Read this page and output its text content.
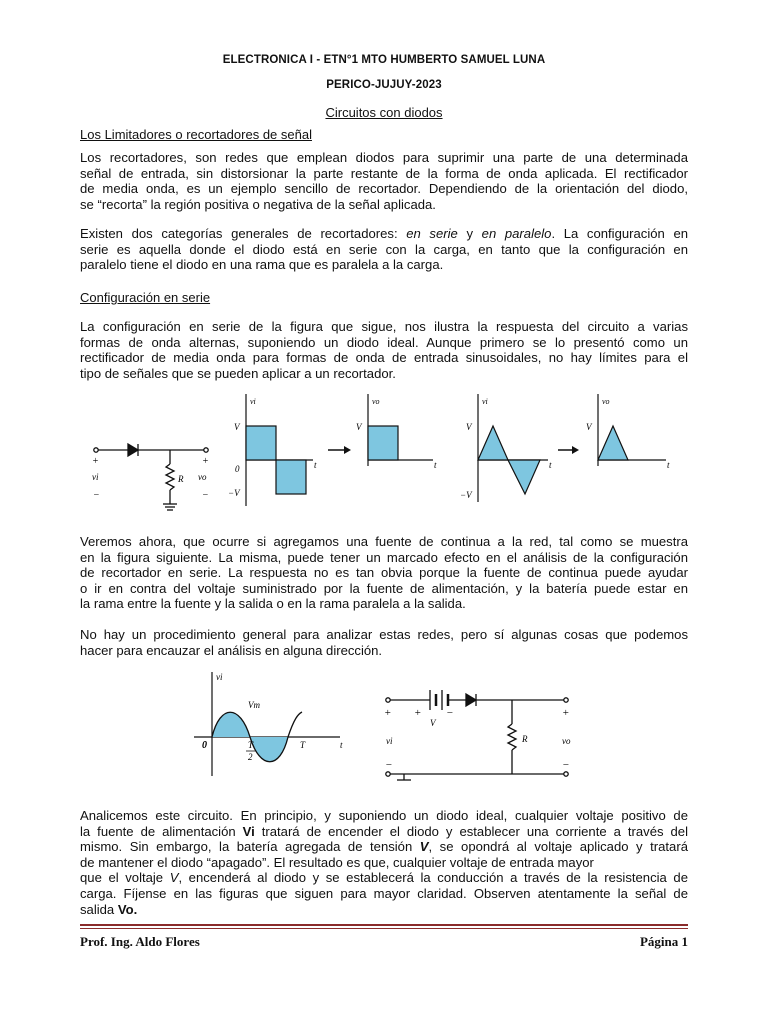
ELECTRONICA I - ETN°1 MTO HUMBERTO SAMUEL LUNA
PERICO-JUJUY-2023
Circuitos con diodos
Los Limitadores o recortadores de señal

Los recortadores, son redes que emplean diodos para suprimir una parte de una determinada
señal de entrada, sin distorsionar la parte restante de la forma de onda aplicada. El rectificador
de media onda, es un ejemplo sencillo de recortador. Dependiendo de la orientación del diodo,
se “recorta” la región positiva o negativa de la señal aplicada.

Existen dos categorías generales de recortadores: en serie y en paralelo. La configuración en
serie es aquella donde el diodo está en serie con la carga, en tanto que la configuración en
paralelo tiene el diodo en una rama que es paralela a la carga.

Configuración en serie

La configuración en serie de la figura que sigue, nos ilustra la respuesta del circuito a varias
formas de onda alternas, suponiendo un diodo ideal. Aunque primero se lo presentó como un
rectificador de media onda para formas de onda de entrada sinusoidales, no hay límites para el
tipo de señales que se pueden aplicar a un recortador.

+
vi
−
+
vo
−
R
vi
V
0
−V
t
vo
V
t
vi
V
−V
t
vo
V
t

Veremos ahora, que ocurre si agregamos una fuente de continua a la red, tal como se muestra
en la figura siguiente. La misma, puede tener un marcado efecto en el análisis de la configuración
de recortador en serie. La respuesta no es tan obvia porque la fuente de continua puede ayudar
o ir en contra del voltaje suministrado por la fuente de alimentación, y la batería puede estar en
la rama entre la fuente y la salida o en la rama paralela a la salida.

No hay un procedimiento general para analizar estas redes, pero sí algunas cosas que podemos
hacer para encauzar el análisis en alguna dirección.

vi
Vm
0	T
2
T	t
+ +
V
−	+
vi	R	vo
−	−

Analicemos este circuito. En principio, y suponiendo un diodo ideal, cualquier voltaje positivo de
la fuente de alimentación Vi tratará de encender el diodo y establecer una corriente a través del
mismo. Sin embargo, la batería agregada de tensión V, se opondrá al voltaje aplicado y tratará
de mantener el diodo “apagado”. El resultado es que, cualquier voltaje de entrada mayor
que el voltaje V, encenderá al diodo y se establecerá la conducción a través de la resistencia de
carga. Fíjense en las figuras que siguen para mayor claridad. Observen atentamente la señal de
salida Vo.

Prof. Ing. Aldo Flores	Página 1
